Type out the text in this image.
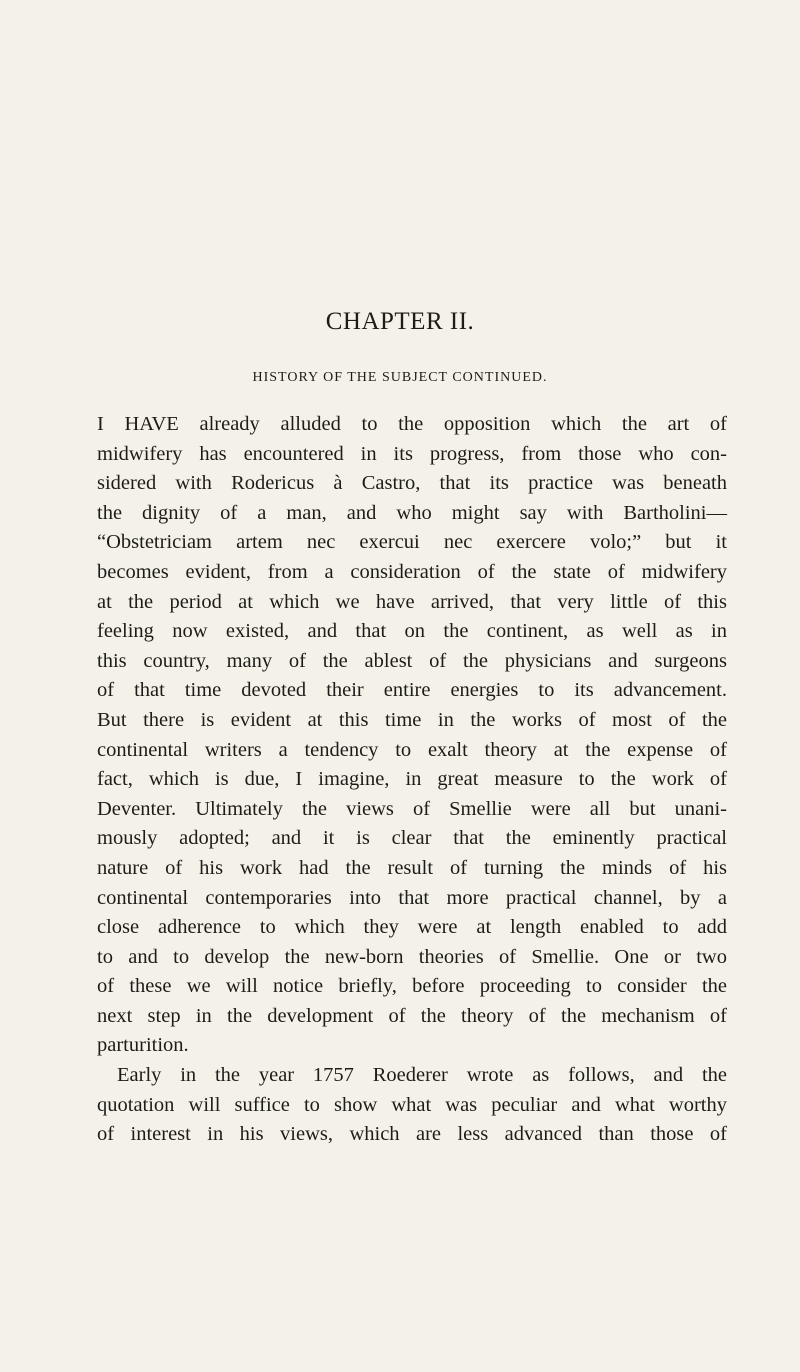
CHAPTER II.
HISTORY OF THE SUBJECT CONTINUED.
I HAVE already alluded to the opposition which the art of
midwifery has encountered in its progress, from those who con-
sidered with Rodericus à Castro, that its practice was beneath
the dignity of a man, and who might say with Bartholini—
“Obstetriciam artem nec exercui nec exercere volo;” but it
becomes evident, from a consideration of the state of midwifery
at the period at which we have arrived, that very little of this
feeling now existed, and that on the continent, as well as in
this country, many of the ablest of the physicians and surgeons
of that time devoted their entire energies to its advancement.
But there is evident at this time in the works of most of the
continental writers a tendency to exalt theory at the expense of
fact, which is due, I imagine, in great measure to the work of
Deventer. Ultimately the views of Smellie were all but unani-
mously adopted; and it is clear that the eminently practical
nature of his work had the result of turning the minds of his
continental contemporaries into that more practical channel, by a
close adherence to which they were at length enabled to add
to and to develop the new-born theories of Smellie. One or two
of these we will notice briefly, before proceeding to consider the
next step in the development of the theory of the mechanism of
parturition.
Early in the year 1757 Roederer wrote as follows, and the
quotation will suffice to show what was peculiar and what worthy
of interest in his views, which are less advanced than those of
